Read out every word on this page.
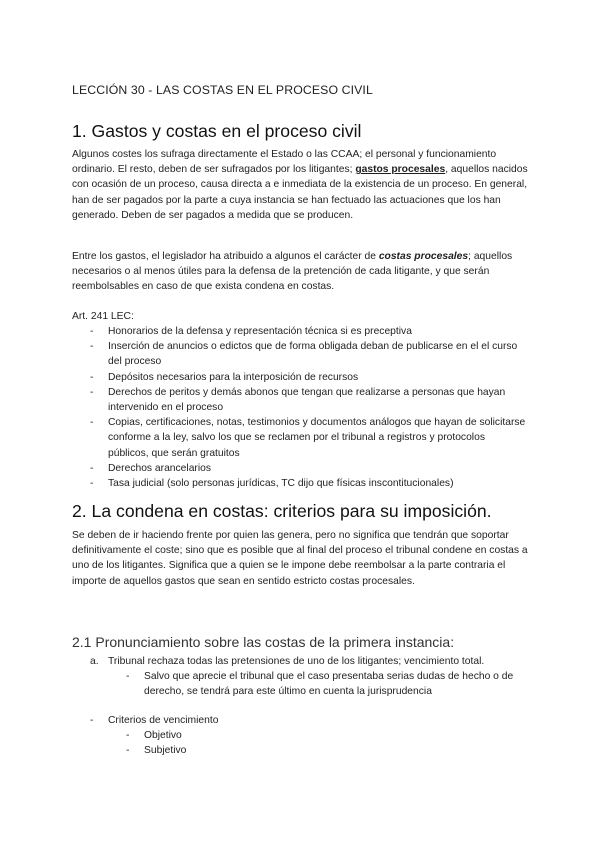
LECCIÓN 30 - LAS COSTAS EN EL PROCESO CIVIL
1. Gastos y costas en el proceso civil

Algunos costes los sufraga directamente el Estado o las CCAA; el personal y funcionamiento ordinario. El resto, deben de ser sufragados por los litigantes; gastos procesales, aquellos nacidos con ocasión de un proceso, causa directa a e inmediata de la existencia de un proceso. En general, han de ser pagados por la parte a cuya instancia se han fectuado las actuaciones que los han generado. Deben de ser pagados a medida que se producen.

Entre los gastos, el legislador ha atribuido a algunos el carácter de costas procesales; aquellos necesarios o al menos útiles para la defensa de la pretención de cada litigante, y que serán reembolsables en caso de que exista condena en costas.

Art. 241 LEC:

- Honorarios de la defensa y representación técnica si es preceptiva
- Inserción de anuncios o edictos que de forma obligada deban de publicarse en el el curso del proceso
- Depósitos necesarios para la interposición de recursos
- Derechos de peritos y demás abonos que tengan que realizarse a personas que hayan intervenido en el proceso
- Copias, certificaciones, notas, testimonios y documentos análogos que hayan de solicitarse conforme a la ley, salvo los que se reclamen por el tribunal a registros y protocolos públicos, que serán gratuitos
- Derechos arancelarios
- Tasa judicial (solo personas jurídicas, TC dijo que físicas inscontitucionales)
2. La condena en costas: criterios para su imposición.

Se deben de ir haciendo frente por quien las genera, pero no significa que tendrán que soportar definitivamente el coste; sino que es posible que al final del proceso el tribunal condene en costas a uno de los litigantes. Significa que a quien se le impone debe reembolsar a la parte contraria el importe de aquellos gastos que sean en sentido estricto costas procesales.

2.1 Pronunciamiento sobre las costas de la primera instancia:
a. Tribunal rechaza todas las pretensiones de uno de los litigantes; vencimiento total.
- Salvo que aprecie el tribunal que el caso presentaba serias dudas de hecho o de derecho, se tendrá para este último en cuenta la jurisprudencia
- Criterios de vencimiento
- Objetivo
- Subjetivo
